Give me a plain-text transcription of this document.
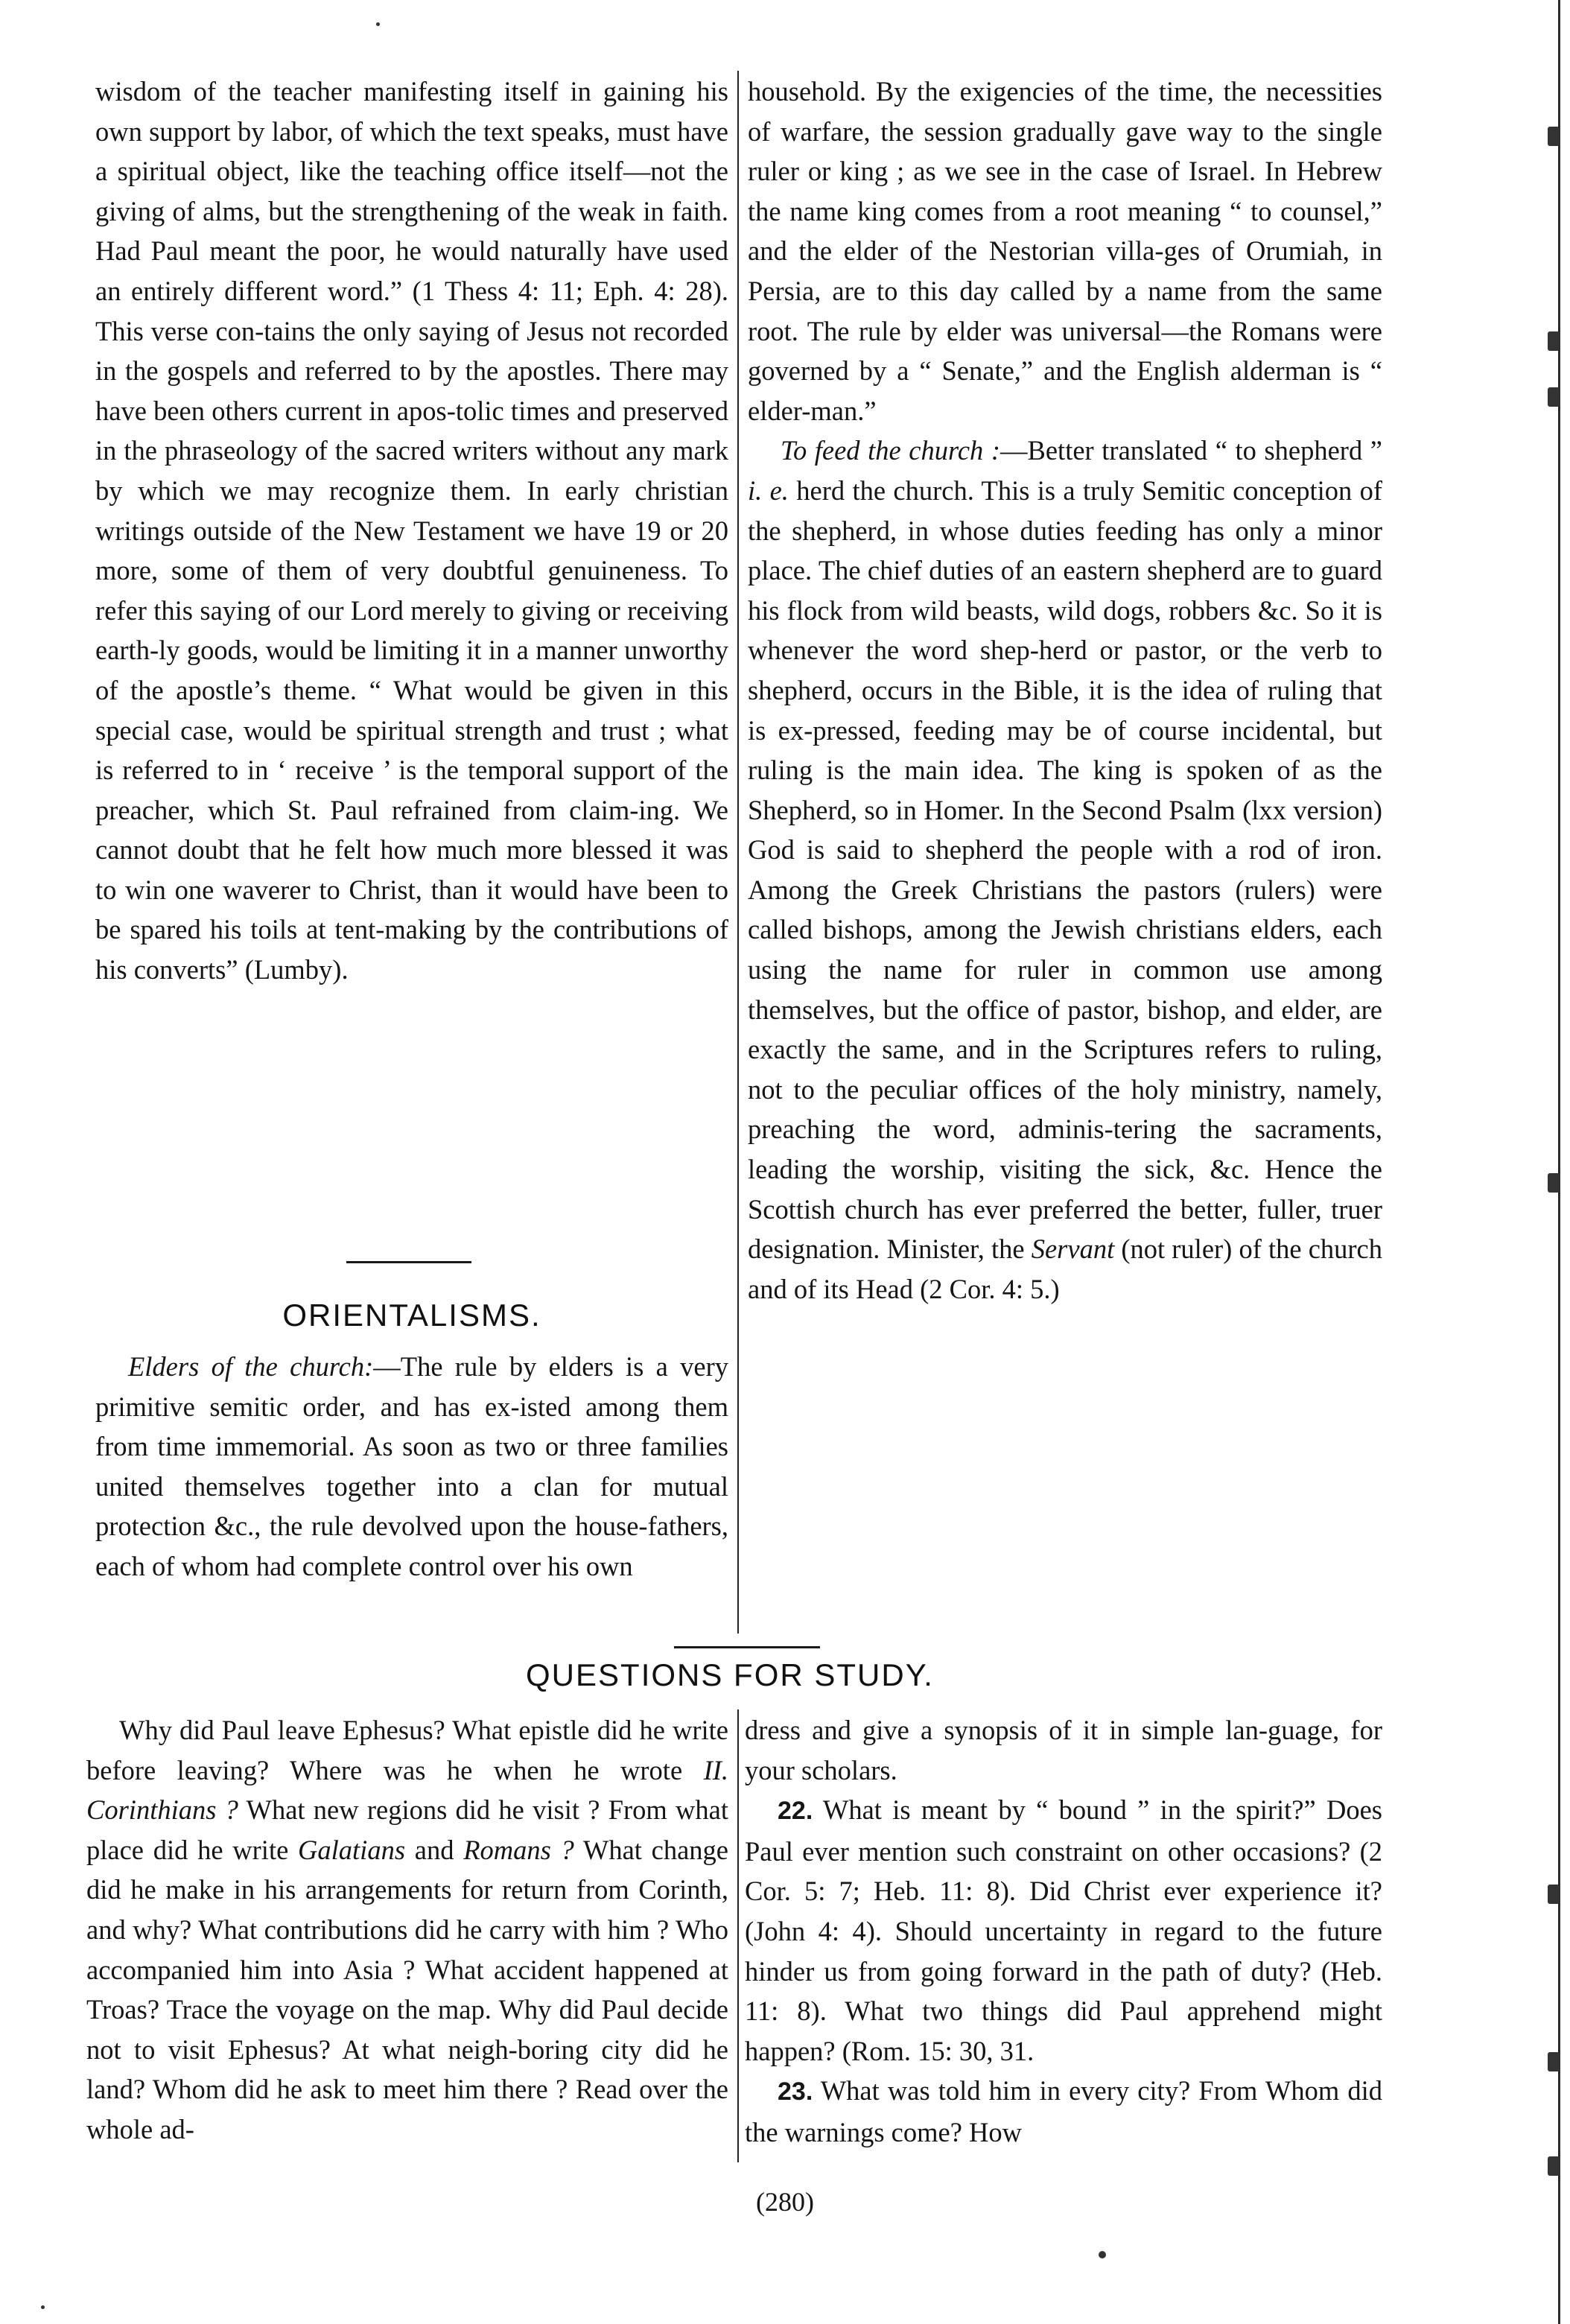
wisdom of the teacher manifesting itself in gaining his own support by labor, of which the text speaks, must have a spiritual object, like the teaching office itself—not the giving of alms, but the strengthening of the weak in faith. Had Paul meant the poor, he would naturally have used an entirely different word.” (1 Thess 4: 11; Eph. 4: 28). This verse con-tains the only saying of Jesus not recorded in the gospels and referred to by the apostles. There may have been others current in apos-tolic times and preserved in the phraseology of the sacred writers without any mark by which we may recognize them. In early christian writings outside of the New Testament we have 19 or 20 more, some of them of very doubtful genuineness. To refer this saying of our Lord merely to giving or receiving earth-ly goods, would be limiting it in a manner unworthy of the apostle’s theme. “ What would be given in this special case, would be spiritual strength and trust ; what is referred to in ‘ receive ’ is the temporal support of the preacher, which St. Paul refrained from claim-ing. We cannot doubt that he felt how much more blessed it was to win one waverer to Christ, than it would have been to be spared his toils at tent-making by the contributions of his converts” (Lumby).

ORIENTALISMS.

Elders of the church:—The rule by elders is a very primitive semitic order, and has ex-isted among them from time immemorial. As soon as two or three families united themselves together into a clan for mutual protection &c., the rule devolved upon the house-fathers, each of whom had complete control over his own

household. By the exigencies of the time, the necessities of warfare, the session gradually gave way to the single ruler or king ; as we see in the case of Israel. In Hebrew the name king comes from a root meaning “ to counsel,” and the elder of the Nestorian villa-ges of Orumiah, in Persia, are to this day called by a name from the same root. The rule by elder was universal—the Romans were governed by a “ Senate,” and the English alderman is “ elder-man.”

To feed the church :—Better translated “ to shepherd ” i. e. herd the church. This is a truly Semitic conception of the shepherd, in whose duties feeding has only a minor place. The chief duties of an eastern shepherd are to guard his flock from wild beasts, wild dogs, robbers &c. So it is whenever the word shep-herd or pastor, or the verb to shepherd, occurs in the Bible, it is the idea of ruling that is ex-pressed, feeding may be of course incidental, but ruling is the main idea. The king is spoken of as the Shepherd, so in Homer. In the Second Psalm (lxx version) God is said to shepherd the people with a rod of iron. Among the Greek Christians the pastors (rulers) were called bishops, among the Jewish christians elders, each using the name for ruler in common use among themselves, but the office of pastor, bishop, and elder, are exactly the same, and in the Scriptures refers to ruling, not to the peculiar offices of the holy ministry, namely, preaching the word, adminis-tering the sacraments, leading the worship, visiting the sick, &c. Hence the Scottish church has ever preferred the better, fuller, truer designation. Minister, the Servant (not ruler) of the church and of its Head (2 Cor. 4: 5.)

QUESTIONS FOR STUDY.

Why did Paul leave Ephesus? What epistle did he write before leaving? Where was he when he wrote II. Corinthians ? What new regions did he visit ? From what place did he write Galatians and Romans ? What change did he make in his arrangements for return from Corinth, and why? What contributions did he carry with him ? Who accompanied him into Asia ? What accident happened at Troas? Trace the voyage on the map. Why did Paul decide not to visit Ephesus? At what neigh-boring city did he land? Whom did he ask to meet him there ? Read over the whole ad-

dress and give a synopsis of it in simple lan-guage, for your scholars.

22. What is meant by “ bound ” in the spirit?” Does Paul ever mention such constraint on other occasions? (2 Cor. 5: 7; Heb. 11: 8). Did Christ ever experience it? (John 4: 4). Should uncertainty in regard to the future hinder us from going forward in the path of duty? (Heb. 11: 8). What two things did Paul apprehend might happen? (Rom. 15: 30, 31.

23. What was told him in every city? From Whom did the warnings come? How

(280)
